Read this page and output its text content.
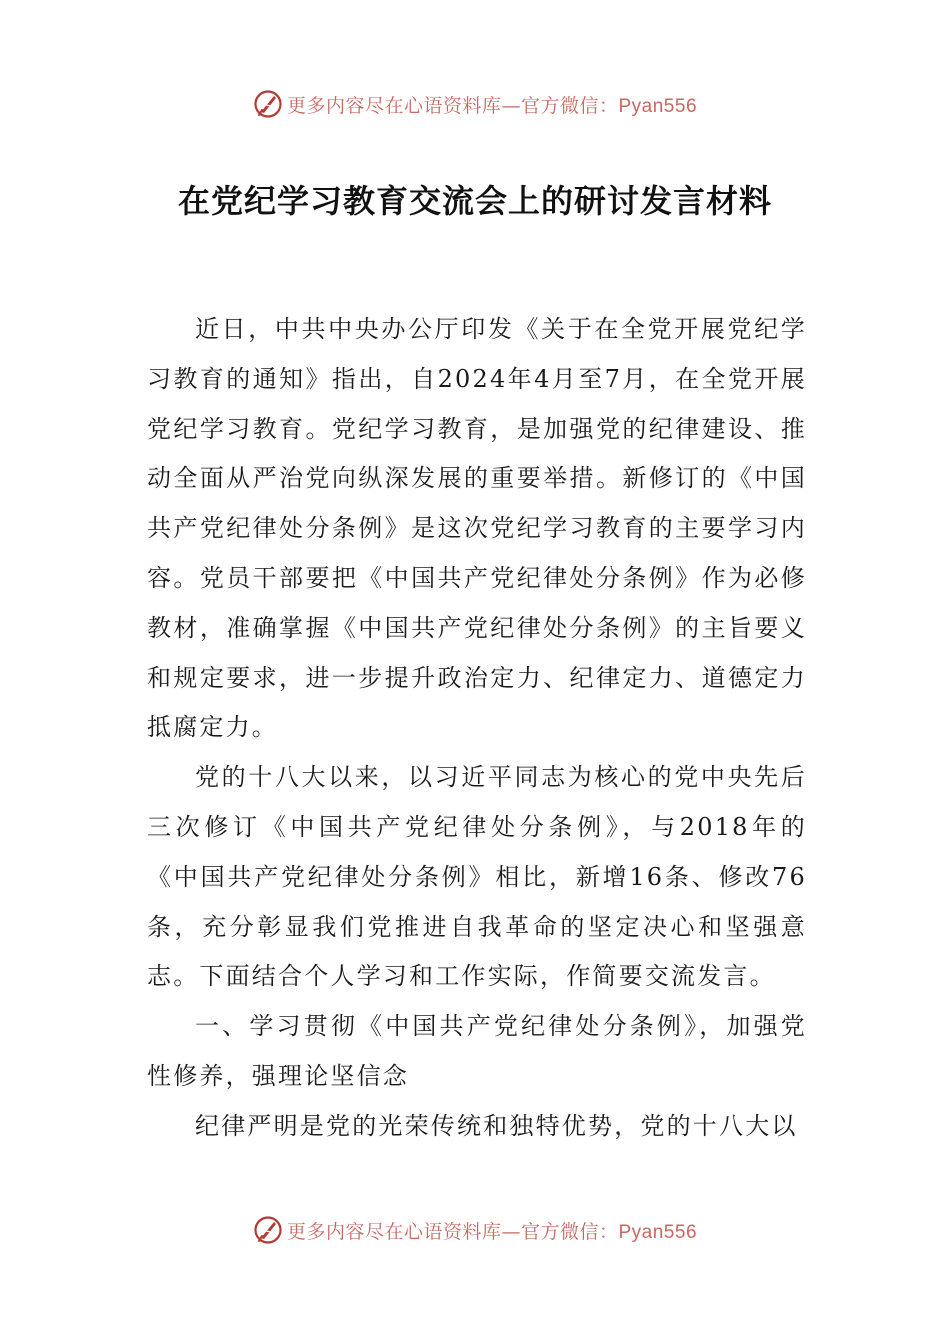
更多内容尽在心语资料库—官方微信：Pyan556
在党纪学习教育交流会上的研讨发言材料

近日，中共中央办公厅印发《关于在全党开展党纪学习教育的通知》指出，自2024年4月至7月，在全党开展党纪学习教育。党纪学习教育，是加强党的纪律建设、推动全面从严治党向纵深发展的重要举措。新修订的《中国共产党纪律处分条例》是这次党纪学习教育的主要学习内容。党员干部要把《中国共产党纪律处分条例》作为必修教材，准确掌握《中国共产党纪律处分条例》的主旨要义和规定要求，进一步提升政治定力、纪律定力、道德定力抵腐定力。

党的十八大以来，以习近平同志为核心的党中央先后三次修订《中国共产党纪律处分条例》，与2018年的《中国共产党纪律处分条例》相比，新增16条、修改76条，充分彰显我们党推进自我革命的坚定决心和坚强意志。下面结合个人学习和工作实际，作简要交流发言。

一、学习贯彻《中国共产党纪律处分条例》，加强党性修养，强理论坚信念

纪律严明是党的光荣传统和独特优势，党的十八大以

更多内容尽在心语资料库—官方微信：Pyan556
